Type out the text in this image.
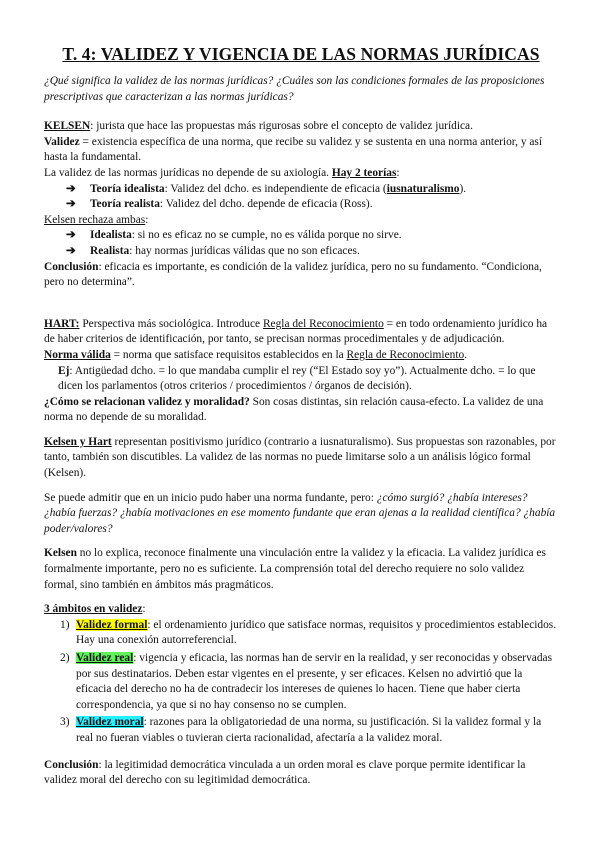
T. 4: VALIDEZ Y VIGENCIA DE LAS NORMAS JURÍDICAS

¿Qué significa la validez de las normas jurídicas? ¿Cuáles son las condiciones formales de las proposiciones prescriptivas que caracterizan a las normas jurídicas?

KELSEN: jurista que hace las propuestas más rigurosas sobre el concepto de validez jurídica.

Validez = existencia específica de una norma, que recibe su validez y se sustenta en una norma anterior, y así hasta la fundamental.

La validez de las normas jurídicas no depende de su axiología. Hay 2 teorías:

➔ Teoría idealista: Validez del dcho. es independiente de eficacia (iusnaturalismo).

➔ Teoría realista: Validez del dcho. depende de eficacia (Ross).

Kelsen rechaza ambas:

➔ Idealista: si no es eficaz no se cumple, no es válida porque no sirve.

➔ Realista: hay normas jurídicas válidas que no son eficaces.

Conclusión: eficacia es importante, es condición de la validez jurídica, pero no su fundamento. “Condiciona, pero no determina”.

HART: Perspectiva más sociológica. Introduce Regla del Reconocimiento = en todo ordenamiento jurídico ha de haber criterios de identificación, por tanto, se precisan normas procedimentales y de adjudicación.

Norma válida = norma que satisface requisitos establecidos en la Regla de Reconocimiento.

Ej: Antigüedad dcho. = lo que mandaba cumplir el rey (“El Estado soy yo”). Actualmente dcho. = lo que dicen los parlamentos (otros criterios / procedimientos / órganos de decisión).

¿Cómo se relacionan validez y moralidad? Son cosas distintas, sin relación causa-efecto. La validez de una norma no depende de su moralidad.

Kelsen y Hart representan positivismo jurídico (contrario a iusnaturalismo). Sus propuestas son razonables, por tanto, también son discutibles. La validez de las normas no puede limitarse solo a un análisis lógico formal (Kelsen).

Se puede admitir que en un inicio pudo haber una norma fundante, pero: ¿cómo surgió? ¿había intereses? ¿había fuerzas? ¿había motivaciones en ese momento fundante que eran ajenas a la realidad científica? ¿había poder/valores?

Kelsen no lo explica, reconoce finalmente una vinculación entre la validez y la eficacia. La validez jurídica es formalmente importante, pero no es suficiente. La comprensión total del derecho requiere no solo validez formal, sino también en ámbitos más pragmáticos.

3 ámbitos en validez:

1) Validez formal: el ordenamiento jurídico que satisface normas, requisitos y procedimientos establecidos. Hay una conexión autorreferencial.

2) Validez real: vigencia y eficacia, las normas han de servir en la realidad, y ser reconocidas y observadas por sus destinatarios. Deben estar vigentes en el presente, y ser eficaces. Kelsen no advirtió que la eficacia del derecho no ha de contradecir los intereses de quienes lo hacen. Tiene que haber cierta correspondencia, ya que si no hay consenso no se cumplen.

3) Validez moral: razones para la obligatoriedad de una norma, su justificación. Si la validez formal y la real no fueran viables o tuvieran cierta racionalidad, afectaría a la validez moral.

Conclusión: la legitimidad democrática vinculada a un orden moral es clave porque permite identificar la validez moral del derecho con su legitimidad democrática.
